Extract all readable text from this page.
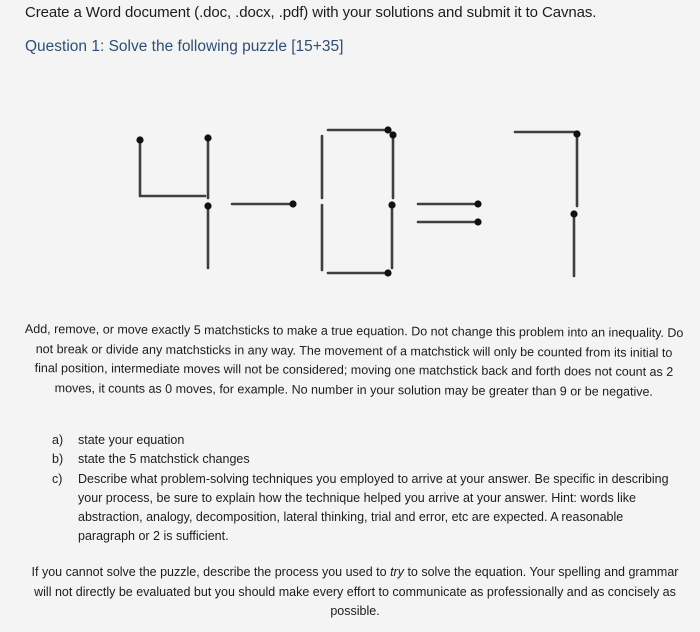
Create a Word document (.doc, .docx, .pdf) with your solutions and submit it to Cavnas.
Question 1: Solve the following puzzle [15+35]
Add, remove, or move exactly 5 matchsticks to make a true equation. Do not change this problem into an inequality. Do not break or divide any matchsticks in any way. The movement of a matchstick will only be counted from its initial to final position, intermediate moves will not be considered; moving one matchstick back and forth does not count as 2 moves, it counts as 0 moves, for example. No number in your solution may be greater than 9 or be negative.
a)	state your equation
b)	state the 5 matchstick changes
c)	Describe what problem-solving techniques you employed to arrive at your answer. Be specific in describing your process, be sure to explain how the technique helped you arrive at your answer. Hint: words like abstraction, analogy, decomposition, lateral thinking, trial and error, etc are expected. A reasonable paragraph or 2 is sufficient.
If you cannot solve the puzzle, describe the process you used to try to solve the equation. Your spelling and grammar will not directly be evaluated but you should make every effort to communicate as professionally and as concisely as possible.
